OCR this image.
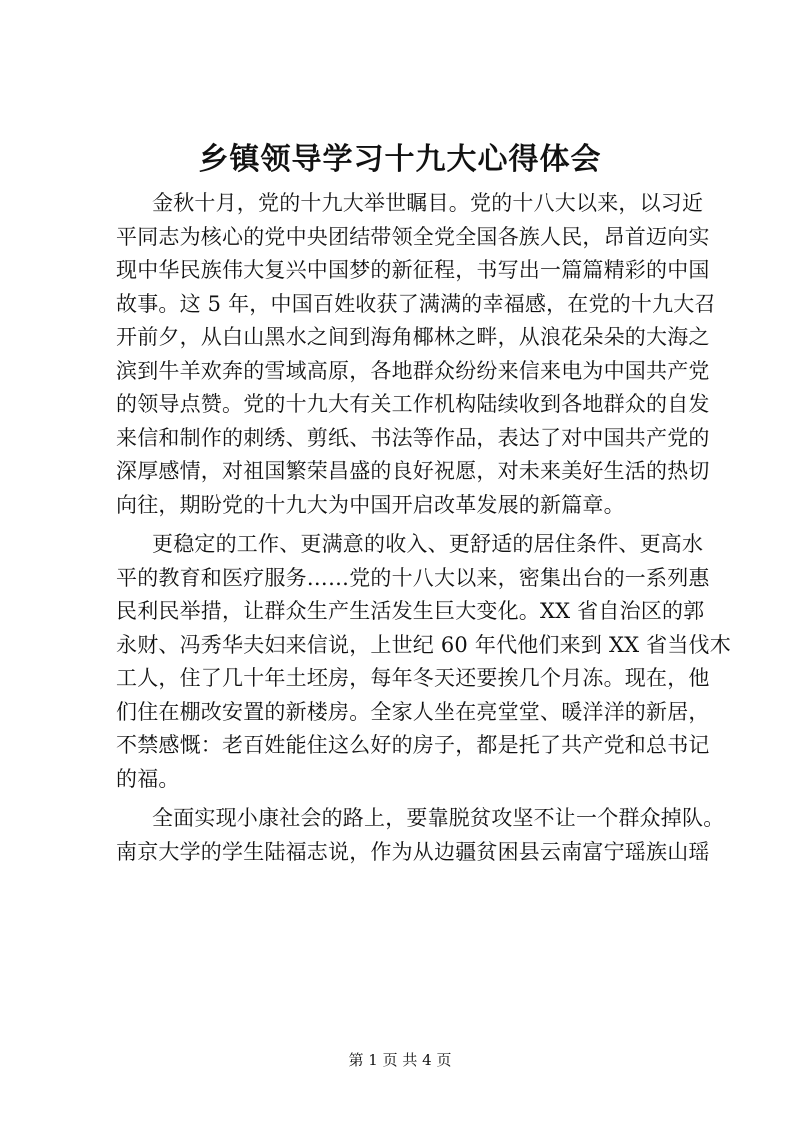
乡镇领导学习十九大心得体会

金秋十月，党的十九大举世瞩目。党的十八大以来，以习近
平同志为核心的党中央团结带领全党全国各族人民，昂首迈向实
现中华民族伟大复兴中国梦的新征程，书写出一篇篇精彩的中国
故事。这 5 年，中国百姓收获了满满的幸福感，在党的十九大召
开前夕，从白山黑水之间到海角椰林之畔，从浪花朵朵的大海之
滨到牛羊欢奔的雪域高原，各地群众纷纷来信来电为中国共产党
的领导点赞。党的十九大有关工作机构陆续收到各地群众的自发
来信和制作的刺绣、剪纸、书法等作品，表达了对中国共产党的
深厚感情，对祖国繁荣昌盛的良好祝愿，对未来美好生活的热切
向往，期盼党的十九大为中国开启改革发展的新篇章。

更稳定的工作、更满意的收入、更舒适的居住条件、更高水
平的教育和医疗服务……党的十八大以来，密集出台的一系列惠
民利民举措，让群众生产生活发生巨大变化。XX 省自治区的郭
永财、冯秀华夫妇来信说，上世纪 60 年代他们来到 XX 省当伐木
工人，住了几十年土坯房，每年冬天还要挨几个月冻。现在，他
们住在棚改安置的新楼房。全家人坐在亮堂堂、暖洋洋的新居，
不禁感慨：老百姓能住这么好的房子，都是托了共产党和总书记
的福。

全面实现小康社会的路上，要靠脱贫攻坚不让一个群众掉队。
南京大学的学生陆福志说，作为从边疆贫困县云南富宁瑶族山瑶

第 1 页 共 4 页
